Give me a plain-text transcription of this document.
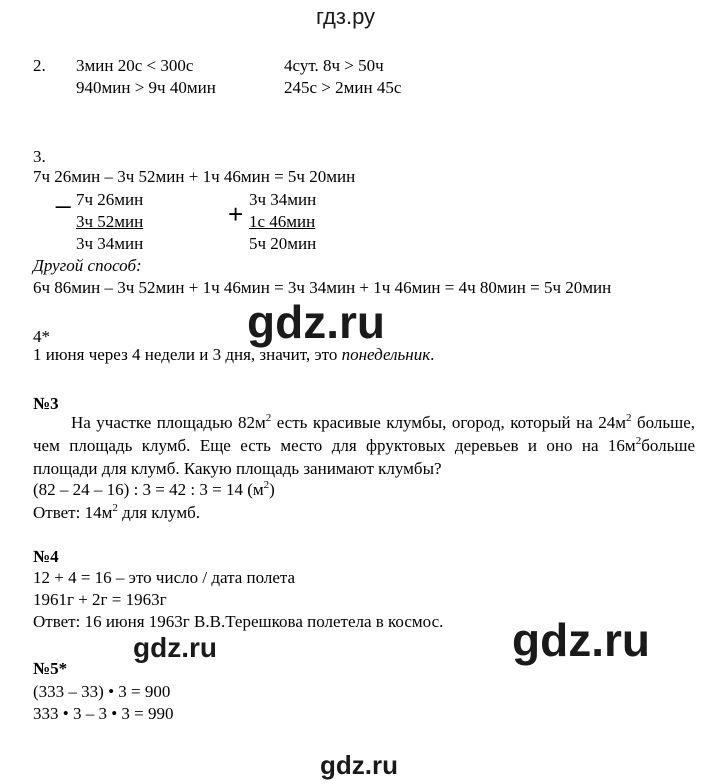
гдз.ру
2. 3мин 20с < 300с
940мин > 9ч 40мин
4сут. 8ч > 50ч
245с > 2мин 45с
3.
7ч 26мин – 3ч 52мин + 1ч 46мин = 5ч 20мин
_ 7ч 26мин
3ч 52мин
3ч 34мин
+ 3ч 34мин
1с 46мин
5ч 20мин
Другой способ:
6ч 86мин – 3ч 52мин + 1ч 46мин = 3ч 34мин + 1ч 46мин = 4ч 80мин = 5ч 20мин
4*
1 июня через 4 недели и 3 дня, значит, это понедельник.
№3
На участке площадью $82м^2$ есть красивые клумбы, огород, который на $24м^2$ больше, чем площадь клумб. Еще есть место для фруктовых деревьев и оно на $16м^2больше$ площади для клумб. Какую площадь занимают клумбы?
(82 – 24 – 16) : 3 = 42 : 3 = 14 $(м^2)$
Ответ: $14м^2$ для клумб.
№4
12 + 4 = 16 – это число / дата полета
1961г + 2г = 1963г
Ответ: 16 июня 1963г В.В.Терешкова полетела в космос.
№5*
(333 – 33) • 3 = 900
333 • 3 – 3 • 3 = 990
gdz.ru
gdz.ru
gdz.ru
gdz.ru
